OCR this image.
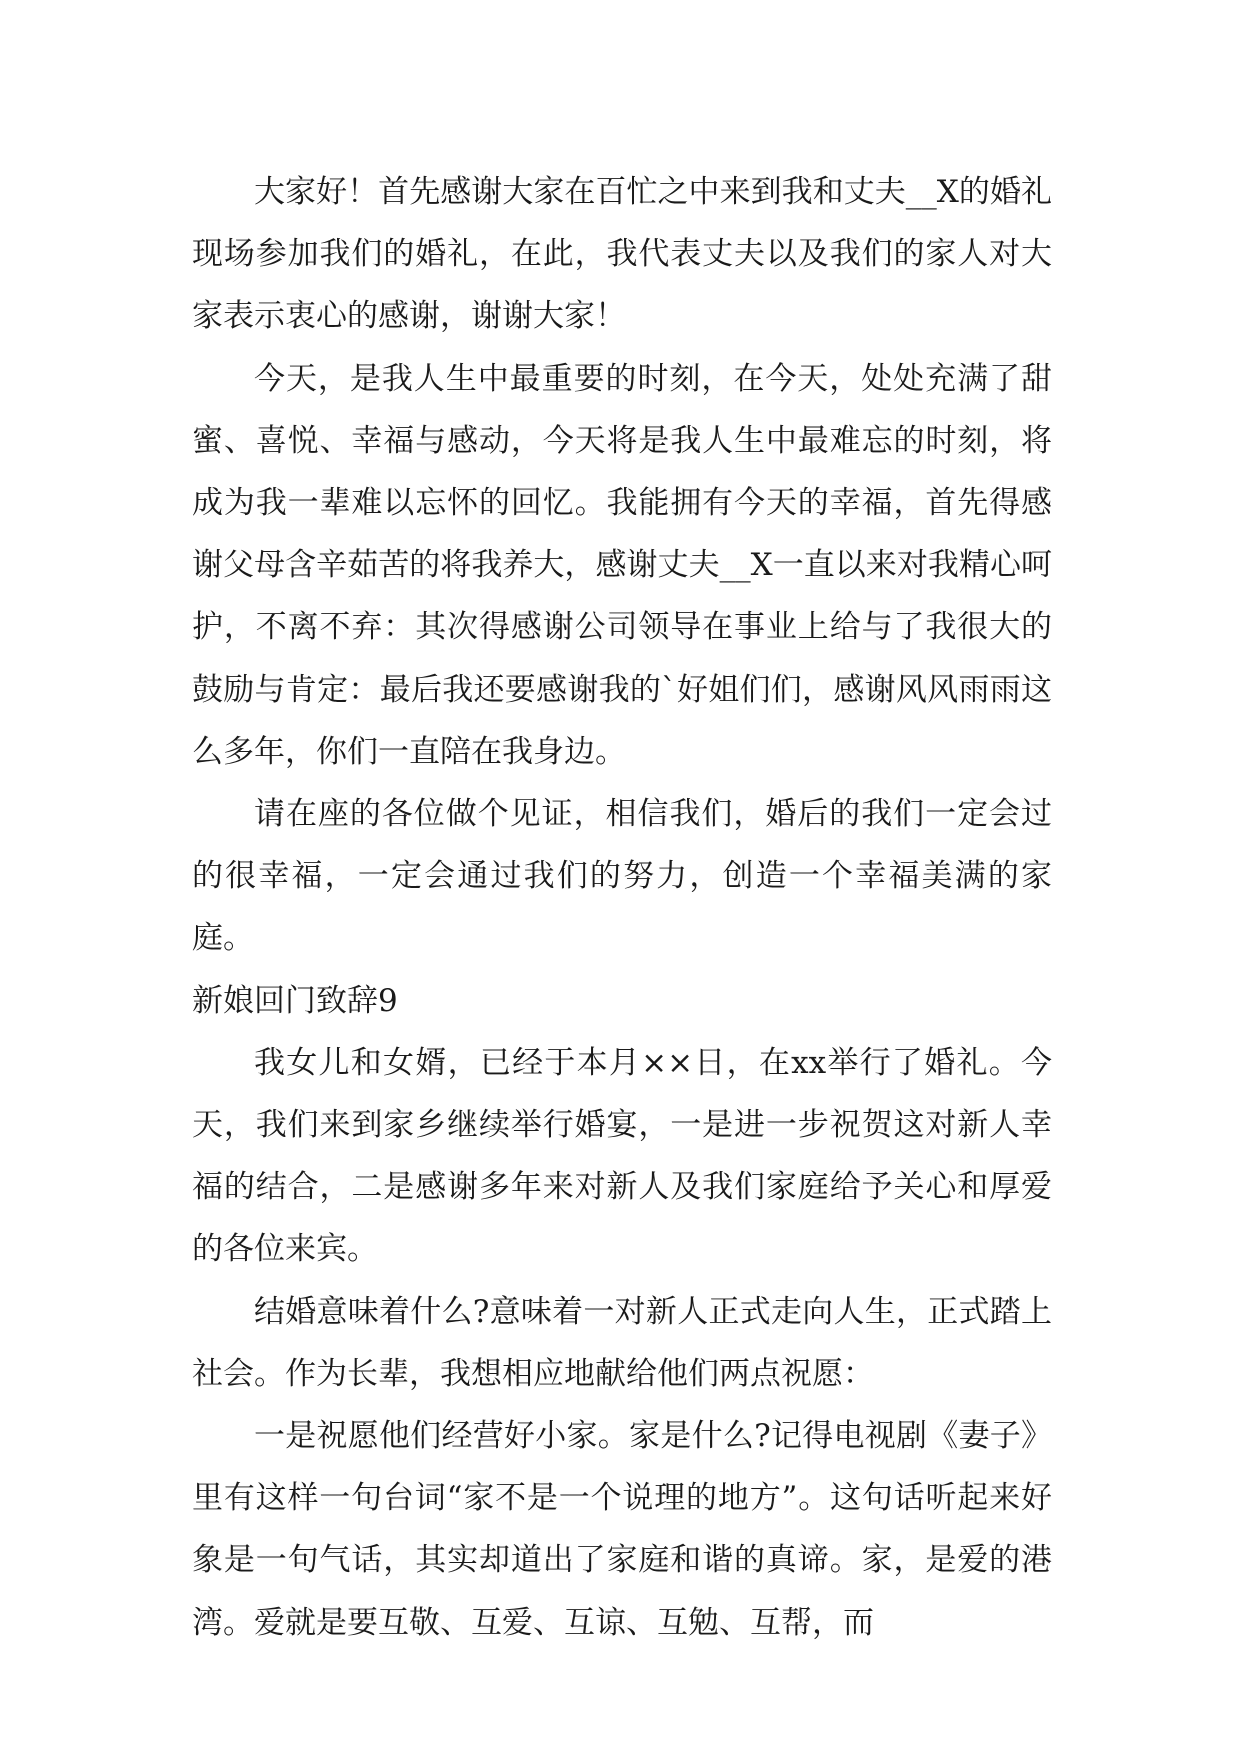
大家好！首先感谢大家在百忙之中来到我和丈夫__X的婚礼现场参加我们的婚礼，在此，我代表丈夫以及我们的家人对大家表示衷心的感谢，谢谢大家！

今天，是我人生中最重要的时刻，在今天，处处充满了甜蜜、喜悦、幸福与感动，今天将是我人生中最难忘的时刻，将成为我一辈难以忘怀的回忆。我能拥有今天的幸福，首先得感谢父母含辛茹苦的将我养大，感谢丈夫__X一直以来对我精心呵护，不离不弃：其次得感谢公司领导在事业上给与了我很大的鼓励与肯定：最后我还要感谢我的`好姐们们，感谢风风雨雨这么多年，你们一直陪在我身边。

请在座的各位做个见证，相信我们，婚后的我们一定会过的很幸福，一定会通过我们的努力，创造一个幸福美满的家庭。

新娘回门致辞9

我女儿和女婿，已经于本月××日，在xx举行了婚礼。今天，我们来到家乡继续举行婚宴，一是进一步祝贺这对新人幸福的结合，二是感谢多年来对新人及我们家庭给予关心和厚爱的各位来宾。

结婚意味着什么?意味着一对新人正式走向人生，正式踏上社会。作为长辈，我想相应地献给他们两点祝愿：

一是祝愿他们经营好小家。家是什么?记得电视剧《妻子》里有这样一句台词“家不是一个说理的地方”。这句话听起来好象是一句气话，其实却道出了家庭和谐的真谛。家，是爱的港湾。爱就是要互敬、互爱、互谅、互勉、互帮，而
